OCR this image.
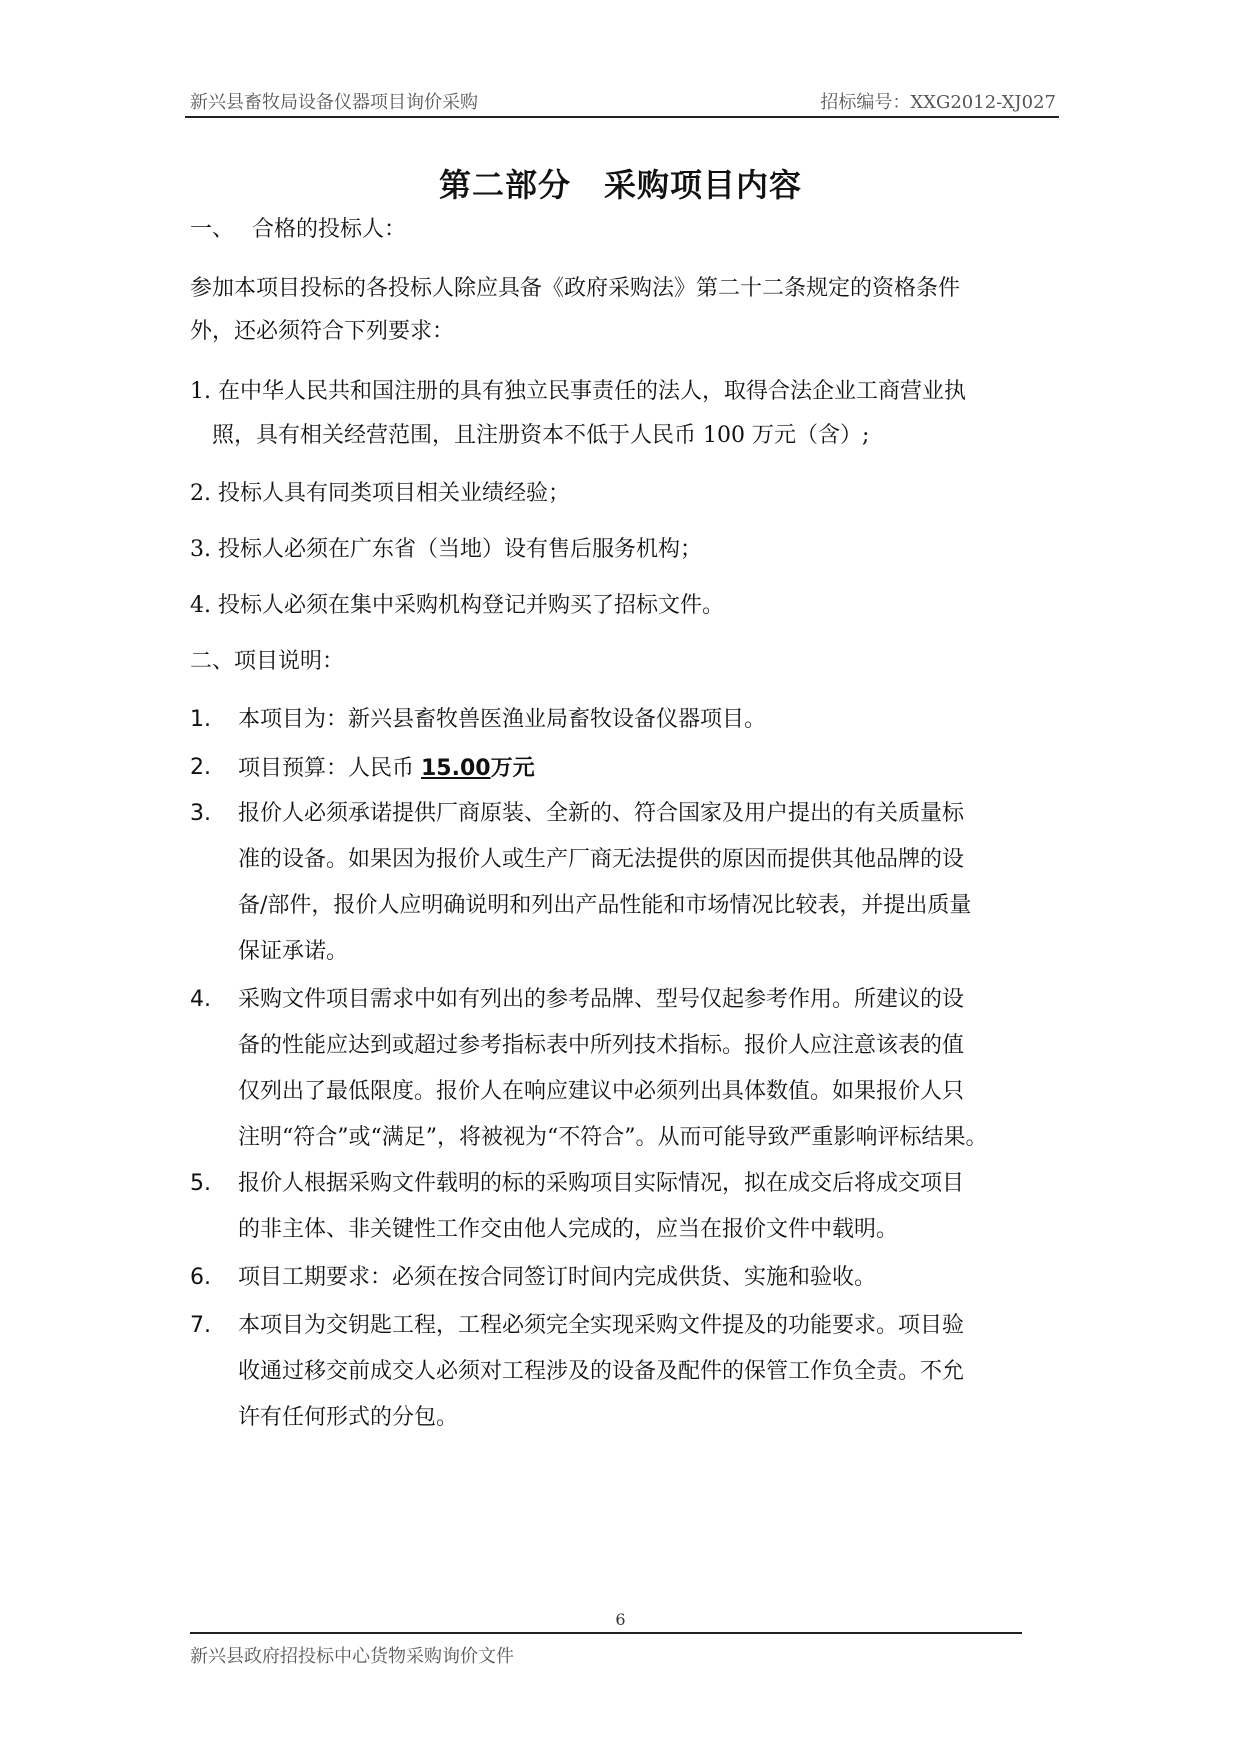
新兴县畜牧局设备仪器项目询价采购	招标编号：XXG2012-XJ027
第二部分　采购项目内容
一、　 合格的投标人：
参加本项目投标的各投标人除应具备《政府采购法》第二十二条规定的资格条件
外，还必须符合下列要求：
1. 在中华人民共和国注册的具有独立民事责任的法人，取得合法企业工商营业执
照，具有相关经营范围，且注册资本不低于人民币 100 万元（含）;
2. 投标人具有同类项目相关业绩经验；
3. 投标人必须在广东省（当地）设有售后服务机构；
4. 投标人必须在集中采购机构登记并购买了招标文件。
二、项目说明：
1. 本项目为：新兴县畜牧兽医渔业局畜牧设备仪器项目。
2. 项目预算：人民币 15.00万元
3. 报价人必须承诺提供厂商原装、全新的、符合国家及用户提出的有关质量标
准的设备。如果因为报价人或生产厂商无法提供的原因而提供其他品牌的设
备/部件，报价人应明确说明和列出产品性能和市场情况比较表，并提出质量
保证承诺。
4. 采购文件项目需求中如有列出的参考品牌、型号仅起参考作用。所建议的设
备的性能应达到或超过参考指标表中所列技术指标。报价人应注意该表的值
仅列出了最低限度。报价人在响应建议中必须列出具体数值。如果报价人只
注明“符合”或“满足”，将被视为“不符合”。从而可能导致严重影响评标结果。
5. 报价人根据采购文件载明的标的采购项目实际情况，拟在成交后将成交项目
的非主体、非关键性工作交由他人完成的，应当在报价文件中载明。
6. 项目工期要求：必须在按合同签订时间内完成供货、实施和验收。
7. 本项目为交钥匙工程，工程必须完全实现采购文件提及的功能要求。项目验
收通过移交前成交人必须对工程涉及的设备及配件的保管工作负全责。不允
许有任何形式的分包。
6
新兴县政府招投标中心货物采购询价文件
